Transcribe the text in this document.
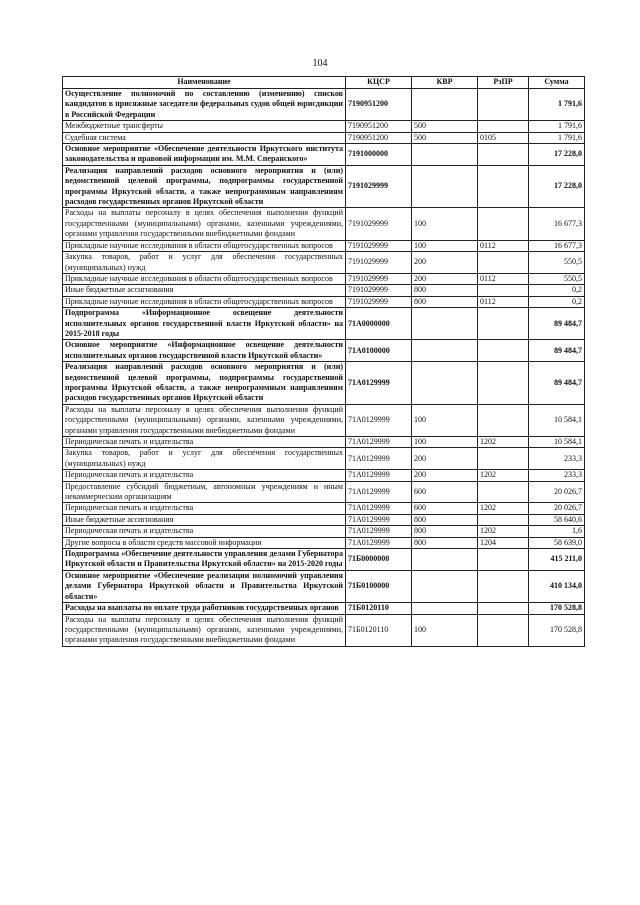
104
Наименование	КЦСР	КВР	РзПР	Сумма
Осуществление полномочий по составлению (изменению) списков кандидатов в присяжные заседатели федеральных судов общей юрисдикции в Российской Федерации	7190951200			1 791,6
Межбюджетные трансферты	7190951200	500		1 791,6
Судебная система	7190951200	500	0105	1 791,6
Основное мероприятие «Обеспечение деятельности Иркутского института законодательства и правовой информации им. М.М. Сперанского»	7191000000			17 228,0
Реализация направлений расходов основного мероприятия и (или) ведомственной целевой программы, подпрограммы государственной программы Иркутской области, а также непрограммным направлениям расходов государственных органов Иркутской области	7191029999			17 228,0
Расходы на выплаты персоналу в целях обеспечения выполнения функций государственными (муниципальными) органами, казенными учреждениями, органами управления государственными внебюджетными фондами	7191029999	100		16 677,3
Прикладные научные исследования в области общегосударственных вопросов	7191029999	100	0112	16 677,3
Закупка товаров, работ и услуг для обеспечения государственных (муниципальных) нужд	7191029999	200		550,5
Прикладные научные исследования в области общегосударственных вопросов	7191029999	200	0112	550,5
Иные бюджетные ассигнования	7191029999	800		0,2
Прикладные научные исследования в области общегосударственных вопросов	7191029999	800	0112	0,2
Подпрограмма «Информационное освещение деятельности исполнительных органов государственной власти Иркутской области» на 2015-2018 годы	71А0000000			89 484,7
Основное мероприятие «Информационное освещение деятельности исполнительных органов государственной власти Иркутской области»	71А0100000			89 484,7
Реализация направлений расходов основного мероприятия и (или) ведомственной целевой программы, подпрограммы государственной программы Иркутской области, а также непрограммным направлениям расходов государственных органов Иркутской области	71А0129999			89 484,7
Расходы на выплаты персоналу в целях обеспечения выполнения функций государственными (муниципальными) органами, казенными учреждениями, органами управления государственными внебюджетными фондами	71А0129999	100		10 584,1
Периодическая печать и издательства	71А0129999	100	1202	10 584,1
Закупка товаров, работ и услуг для обеспечения государственных (муниципальных) нужд	71А0129999	200		233,3
Периодическая печать и издательства	71А0129999	200	1202	233,3
Предоставление субсидий бюджетным, автономным учреждениям и иным некоммерческим организациям	71А0129999	600		20 026,7
Периодическая печать и издательства	71А0129999	600	1202	20 026,7
Иные бюджетные ассигнования	71А0129999	800		58 640,6
Периодическая печать и издательства	71А0129999	800	1202	1,6
Другие вопросы в области средств массовой информации	71А0129999	800	1204	58 639,0
Подпрограмма «Обеспечение деятельности управления делами Губернатора Иркутской области и Правительства Иркутской области» на 2015-2020 годы	71Б0000000			415 211,0
Основное мероприятие «Обеспечение реализации полномочий управления делами Губернатора Иркутской области и Правительства Иркутской области»	71Б0100000			410 134,0
Расходы на выплаты по оплате труда работников государственных органов	71Б0120110			170 528,8
Расходы на выплаты персоналу в целях обеспечения выполнения функций государственными (муниципальными) органами, казенными учреждениями, органами управления государственными внебюджетными фондами	71Б0120110	100		170 528,8
